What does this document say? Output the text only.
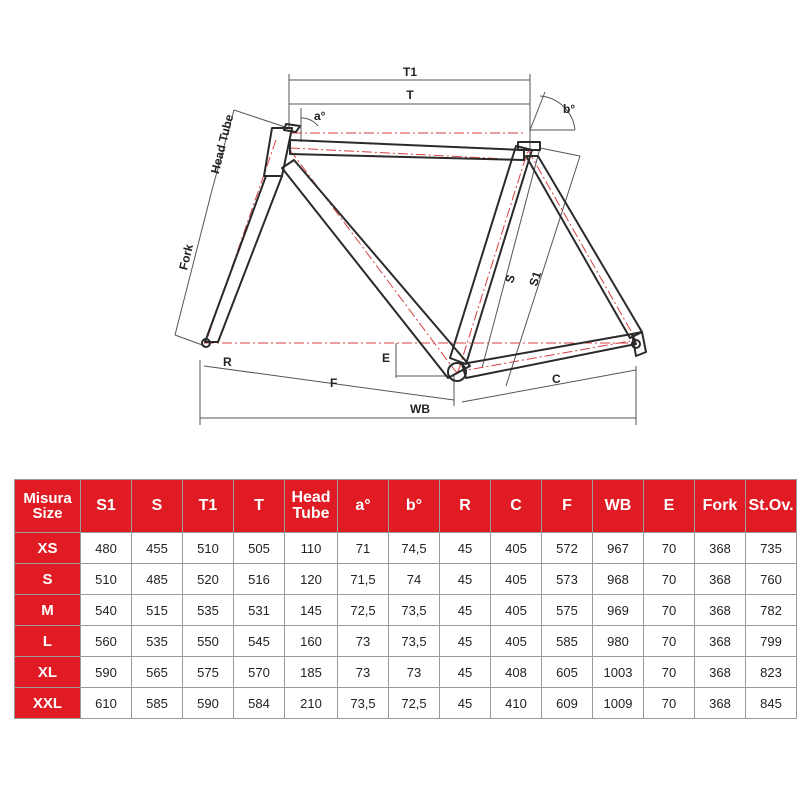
T1
T
a°	b°
Head Tube
Fork
R	E
F
WB
S S1
C
Misura
Size	S1	S	T1	T	Head
Tube	a°	b°	R	C	F	WB	E	Fork	St.Ov.

XS	480	455	510	505	110	71	74,5	45	405	572	967	70	368	735
S	510	485	520	516	120	71,5	74	45	405	573	968	70	368	760
M	540	515	535	531	145	72,5	73,5	45	405	575	969	70	368	782
L	560	535	550	545	160	73	73,5	45	405	585	980	70	368	799
XL	590	565	575	570	185	73	73	45	408	605	1003	70	368	823
XXL	610	585	590	584	210	73,5	72,5	45	410	609	1009	70	368	845
